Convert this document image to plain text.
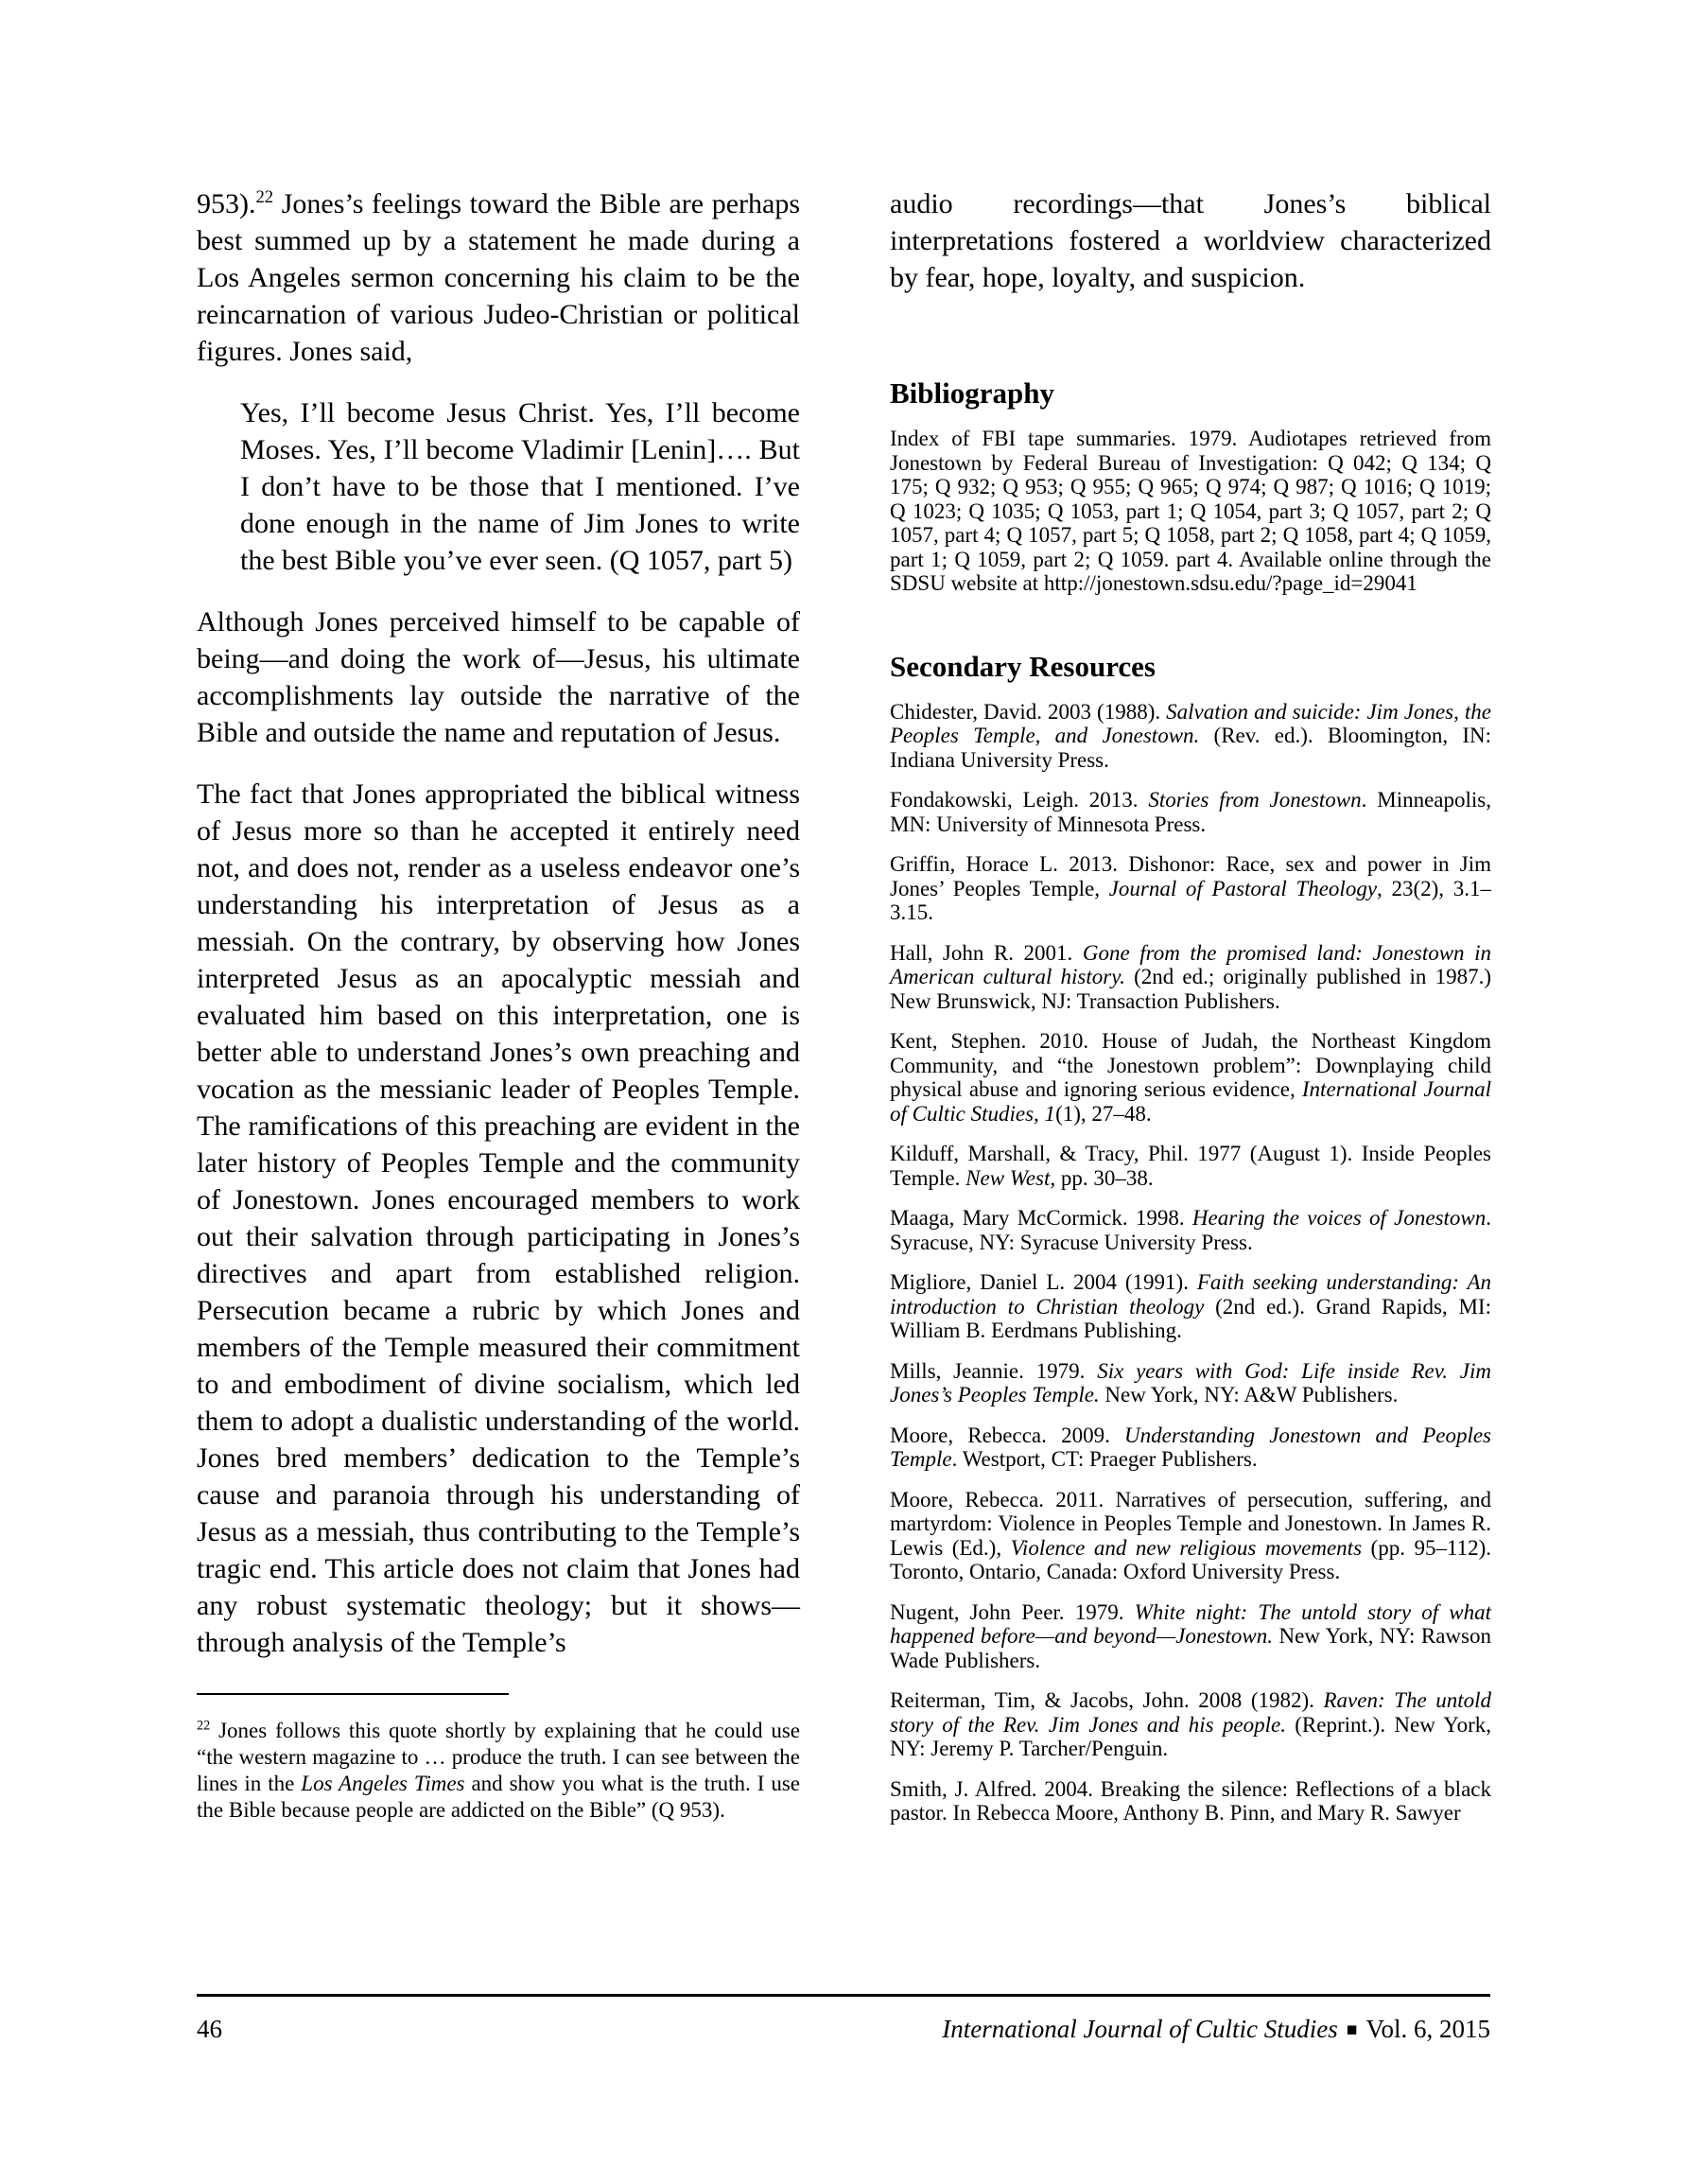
953).$^{22}$ Jones’s feelings toward the Bible are perhaps best summed up by a statement he made during a Los Angeles sermon concerning his claim to be the reincarnation of various Judeo-Christian or political figures. Jones said,

Yes, I’ll become Jesus Christ. Yes, I’ll become Moses. Yes, I’ll become Vladimir [Lenin]…. But I don’t have to be those that I mentioned. I’ve done enough in the name of Jim Jones to write the best Bible you’ve ever seen. (Q 1057, part 5)

Although Jones perceived himself to be capable of being—and doing the work of—Jesus, his ultimate accomplishments lay outside the narrative of the Bible and outside the name and reputation of Jesus.

The fact that Jones appropriated the biblical witness of Jesus more so than he accepted it entirely need not, and does not, render as a useless endeavor one’s understanding his interpretation of Jesus as a messiah. On the contrary, by observing how Jones interpreted Jesus as an apocalyptic messiah and evaluated him based on this interpretation, one is better able to understand Jones’s own preaching and vocation as the messianic leader of Peoples Temple. The ramifications of this preaching are evident in the later history of Peoples Temple and the community of Jonestown. Jones encouraged members to work out their salvation through participating in Jones’s directives and apart from established religion. Persecution became a rubric by which Jones and members of the Temple measured their commitment to and embodiment of divine socialism, which led them to adopt a dualistic understanding of the world. Jones bred members’ dedication to the Temple’s cause and paranoia through his understanding of Jesus as a messiah, thus contributing to the Temple’s tragic end. This article does not claim that Jones had any robust systematic theology; but it shows—through analysis of the Temple’s

$^{22}$ Jones follows this quote shortly by explaining that he could use “the western magazine to … produce the truth. I can see between the lines in the Los Angeles Times and show you what is the truth. I use the Bible because people are addicted on the Bible” (Q 953).

audio recordings—that Jones’s biblical interpretations fostered a worldview characterized by fear, hope, loyalty, and suspicion.

Bibliography

Index of FBI tape summaries. 1979. Audiotapes retrieved from Jonestown by Federal Bureau of Investigation: Q 042; Q 134; Q 175; Q 932; Q 953; Q 955; Q 965; Q 974; Q 987; Q 1016; Q 1019; Q 1023; Q 1035; Q 1053, part 1; Q 1054, part 3; Q 1057, part 2; Q 1057, part 4; Q 1057, part 5; Q 1058, part 2; Q 1058, part 4; Q 1059, part 1; Q 1059, part 2; Q 1059. part 4. Available online through the SDSU website at http://jonestown.sdsu.edu/?page_id=29041

Secondary Resources

Chidester, David. 2003 (1988). Salvation and suicide: Jim Jones, the Peoples Temple, and Jonestown. (Rev. ed.). Bloomington, IN: Indiana University Press.

Fondakowski, Leigh. 2013. Stories from Jonestown. Minneapolis, MN: University of Minnesota Press.

Griffin, Horace L. 2013. Dishonor: Race, sex and power in Jim Jones’ Peoples Temple, Journal of Pastoral Theology, 23(2), 3.1–3.15.

Hall, John R. 2001. Gone from the promised land: Jonestown in American cultural history. (2nd ed.; originally published in 1987.) New Brunswick, NJ: Transaction Publishers.

Kent, Stephen. 2010. House of Judah, the Northeast Kingdom Community, and “the Jonestown problem”: Downplaying child physical abuse and ignoring serious evidence, International Journal of Cultic Studies, 1(1), 27–48.

Kilduff, Marshall, & Tracy, Phil. 1977 (August 1). Inside Peoples Temple. New West, pp. 30–38.

Maaga, Mary McCormick. 1998. Hearing the voices of Jonestown. Syracuse, NY: Syracuse University Press.

Migliore, Daniel L. 2004 (1991). Faith seeking understanding: An introduction to Christian theology (2nd ed.). Grand Rapids, MI: William B. Eerdmans Publishing.

Mills, Jeannie. 1979. Six years with God: Life inside Rev. Jim Jones’s Peoples Temple. New York, NY: A&W Publishers.

Moore, Rebecca. 2009. Understanding Jonestown and Peoples Temple. Westport, CT: Praeger Publishers.

Moore, Rebecca. 2011. Narratives of persecution, suffering, and martyrdom: Violence in Peoples Temple and Jonestown. In James R. Lewis (Ed.), Violence and new religious movements (pp. 95–112). Toronto, Ontario, Canada: Oxford University Press.

Nugent, John Peer. 1979. White night: The untold story of what happened before—and beyond—Jonestown. New York, NY: Rawson Wade Publishers.

Reiterman, Tim, & Jacobs, John. 2008 (1982). Raven: The untold story of the Rev. Jim Jones and his people. (Reprint.). New York, NY: Jeremy P. Tarcher/Penguin.

Smith, J. Alfred. 2004. Breaking the silence: Reflections of a black pastor. In Rebecca Moore, Anthony B. Pinn, and Mary R. Sawyer

46	International Journal of Cultic Studies ■ Vol. 6, 2015
